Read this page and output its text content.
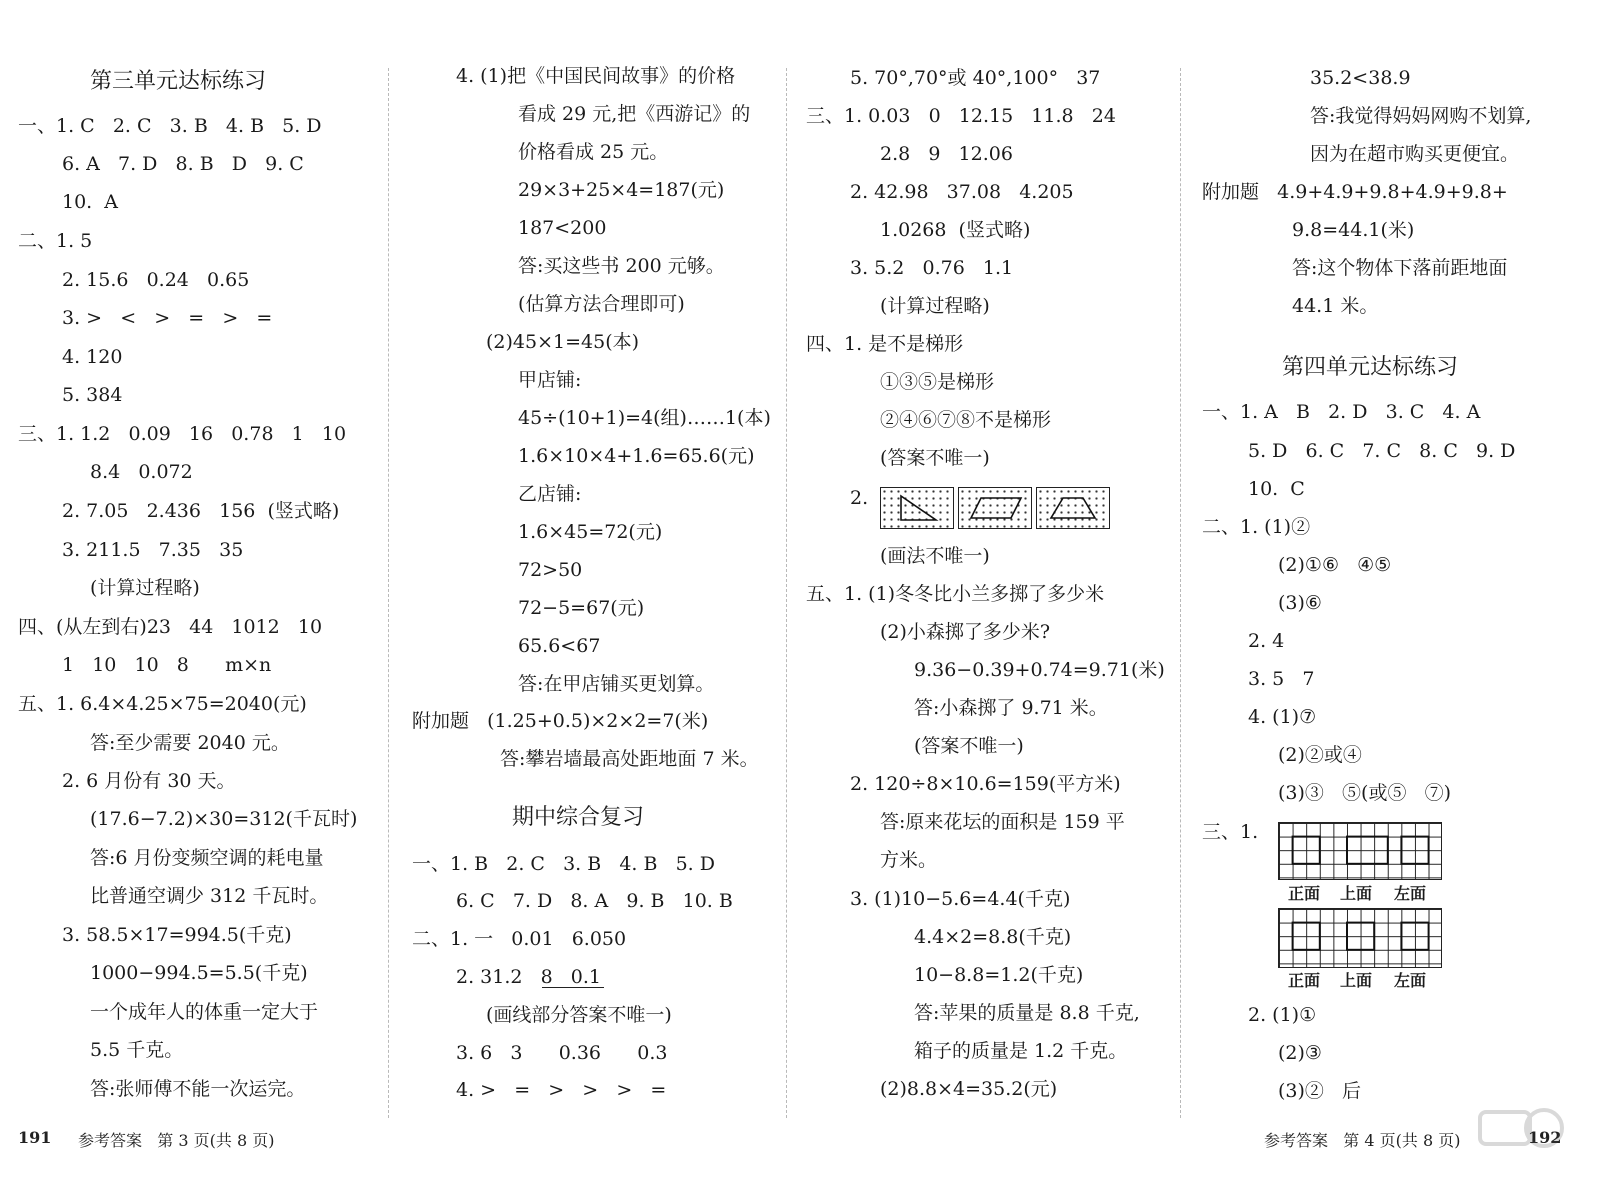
第三单元达标练习
一、1. C   2. C   3. B   4. B   5. D
6. A   7. D   8. B   D   9. C
10.  A
二、1. 5
2. 15.6   0.24   0.65
3. >   <   >   =   >   =
4. 120
5. 384
三、1. 1.2   0.09   16   0.78   1   10
8.4   0.072
2. 7.05   2.436   156  (竖式略)
3. 211.5   7.35   35
(计算过程略)
四、(从左到右)23   44   1012   10
1   10   10   8      m×n
五、1. 6.4×4.25×75=2040(元)
答:至少需要 2040 元。
2. 6 月份有 30 天。
(17.6−7.2)×30=312(千瓦时)
答:6 月份变频空调的耗电量
比普通空调少 312 千瓦时。
3. 58.5×17=994.5(千克)
1000−994.5=5.5(千克)
一个成年人的体重一定大于
5.5 千克。
答:张师傅不能一次运完。
4. (1)把《中国民间故事》的价格
看成 29 元,把《西游记》的
价格看成 25 元。
29×3+25×4=187(元)
187<200
答:买这些书 200 元够。
(估算方法合理即可)
(2)45×1=45(本)
甲店铺:
45÷(10+1)=4(组)……1(本)
1.6×10×4+1.6=65.6(元)
乙店铺:
1.6×45=72(元)
72>50
72−5=67(元)
65.6<67
答:在甲店铺买更划算。
附加题   (1.25+0.5)×2×2=7(米)
答:攀岩墙最高处距地面 7 米。
期中综合复习
一、1. B   2. C   3. B   4. B   5. D
6. C   7. D   8. A   9. B   10. B
二、1. 一   0.01   6.050
2. 31.2   8   0.1
(画线部分答案不唯一)
3. 6   3      0.36      0.3
4. >   =   >   >   >   =
5. 70°,70°或 40°,100°   37
三、1. 0.03   0   12.15   11.8   24
2.8   9   12.06
2. 42.98   37.08   4.205
1.0268  (竖式略)
3. 5.2   0.76   1.1
(计算过程略)
四、1. 是不是梯形
①③⑤是梯形
②④⑥⑦⑧不是梯形
(答案不唯一)
2.
(画法不唯一)
五、1. (1)冬冬比小兰多掷了多少米
(2)小森掷了多少米?
9.36−0.39+0.74=9.71(米)
答:小森掷了 9.71 米。
(答案不唯一)
2. 120÷8×10.6=159(平方米)
答:原来花坛的面积是 159 平
方米。
3. (1)10−5.6=4.4(千克)
4.4×2=8.8(千克)
10−8.8=1.2(千克)
答:苹果的质量是 8.8 千克,
箱子的质量是 1.2 千克。
(2)8.8×4=35.2(元)
35.2<38.9
答:我觉得妈妈网购不划算,
因为在超市购买更便宜。
附加题   4.9+4.9+9.8+4.9+9.8+
9.8=44.1(米)
答:这个物体下落前距地面
44.1 米。
第四单元达标练习
一、1. A   B   2. D   3. C   4. A
5. D   6. C   7. C   8. C   9. D
10.  C
二、1. (1)②
(2)①⑥   ④⑤
(3)⑥
2. 4
3. 5   7
4. (1)⑦
(2)②或④
(3)③   ⑤(或⑤   ⑦)
三、1.
正面 上面 左面
正面 上面 左面
2. (1)①
(2)③
(3)②   后
191 参考答案   第 3 页(共 8 页)	参考答案   第 4 页(共 8 页)	192
